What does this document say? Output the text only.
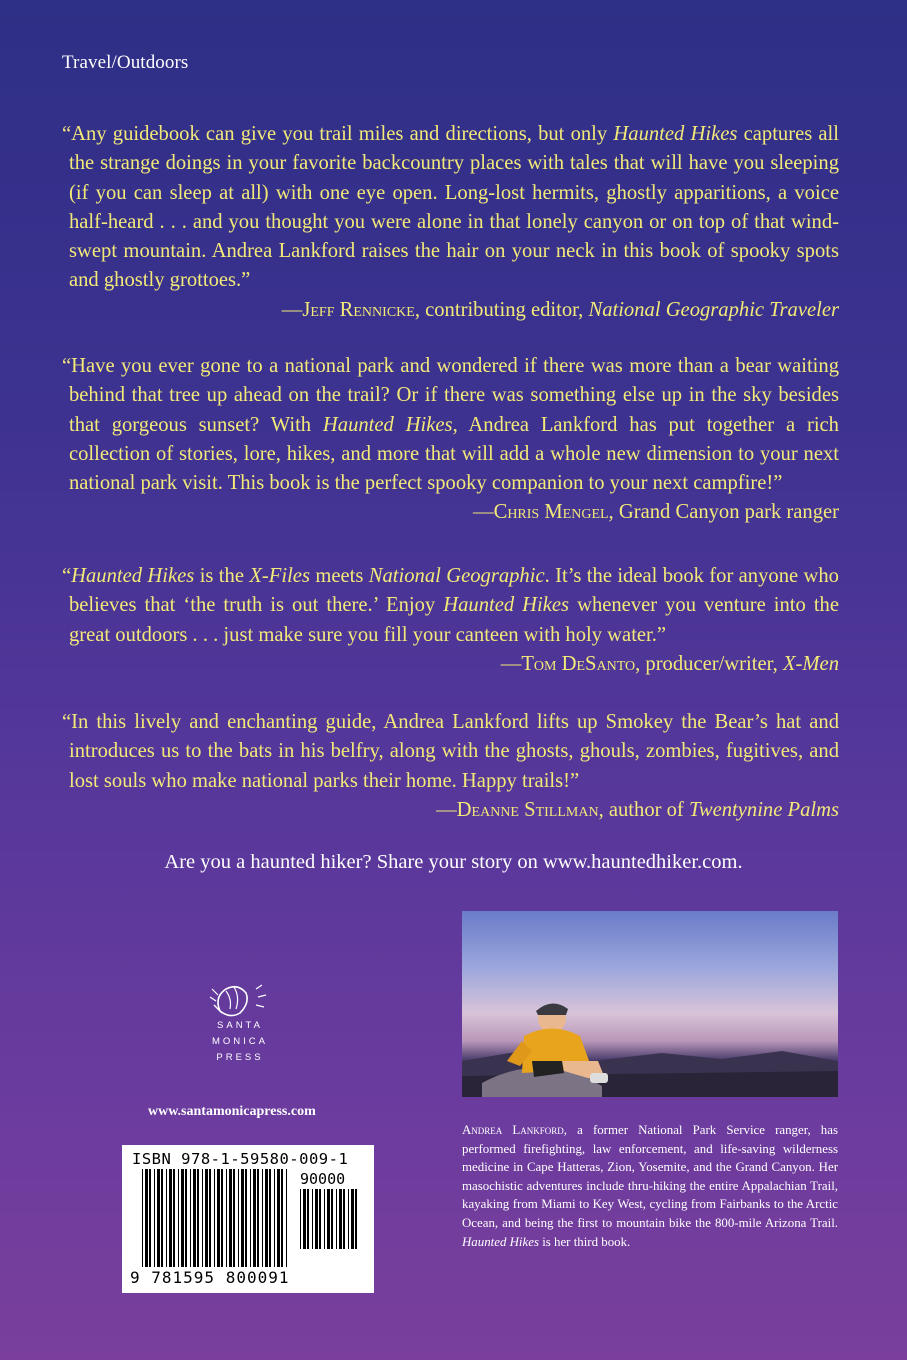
Travel/Outdoors

“Any guidebook can give you trail miles and directions, but only Haunted Hikes captures all the strange doings in your favorite backcountry places with tales that will have you sleeping (if you can sleep at all) with one eye open. Long-lost hermits, ghostly apparitions, a voice half-heard . . . and you thought you were alone in that lonely canyon or on top of that wind-swept mountain. Andrea Lankford raises the hair on your neck in this book of spooky spots and ghostly grottoes.”

—Jeff Rennicke, contributing editor, National Geographic Traveler

“Have you ever gone to a national park and wondered if there was more than a bear waiting behind that tree up ahead on the trail? Or if there was something else up in the sky besides that gorgeous sunset? With Haunted Hikes, Andrea Lankford has put together a rich collection of stories, lore, hikes, and more that will add a whole new dimension to your next national park visit. This book is the perfect spooky companion to your next campfire!”
—Chris Mengel, Grand Canyon park ranger

“Haunted Hikes is the X-Files meets National Geographic. It’s the ideal book for anyone who believes that ‘the truth is out there.’ Enjoy Haunted Hikes whenever you venture into the great outdoors . . . just make sure you fill your canteen with holy water.”

—Tom DeSanto, producer/writer, X-Men

“In this lively and enchanting guide, Andrea Lankford lifts up Smokey the Bear’s hat and introduces us to the bats in his belfry, along with the ghosts, ghouls, zombies, fugitives, and lost souls who make national parks their home. Happy trails!”

—Deanne Stillman, author of Twentynine Palms

Are you a haunted hiker? Share your story on www.hauntedhiker.com.
SANTA
MONICA
PRESS
www.santamonicapress.com
ISBN 978-1-59580-009-1
90000
9 781595 800091
Andrea Lankford, a former National Park Service ranger, has performed firefighting, law enforcement, and life-saving wilderness medicine in Cape Hatteras, Zion, Yosemite, and the Grand Canyon. Her masochistic adventures include thru-hiking the entire Appalachian Trail, kayaking from Miami to Key West, cycling from Fairbanks to the Arctic Ocean, and being the first to mountain bike the 800-mile Arizona Trail. Haunted Hikes is her third book.
